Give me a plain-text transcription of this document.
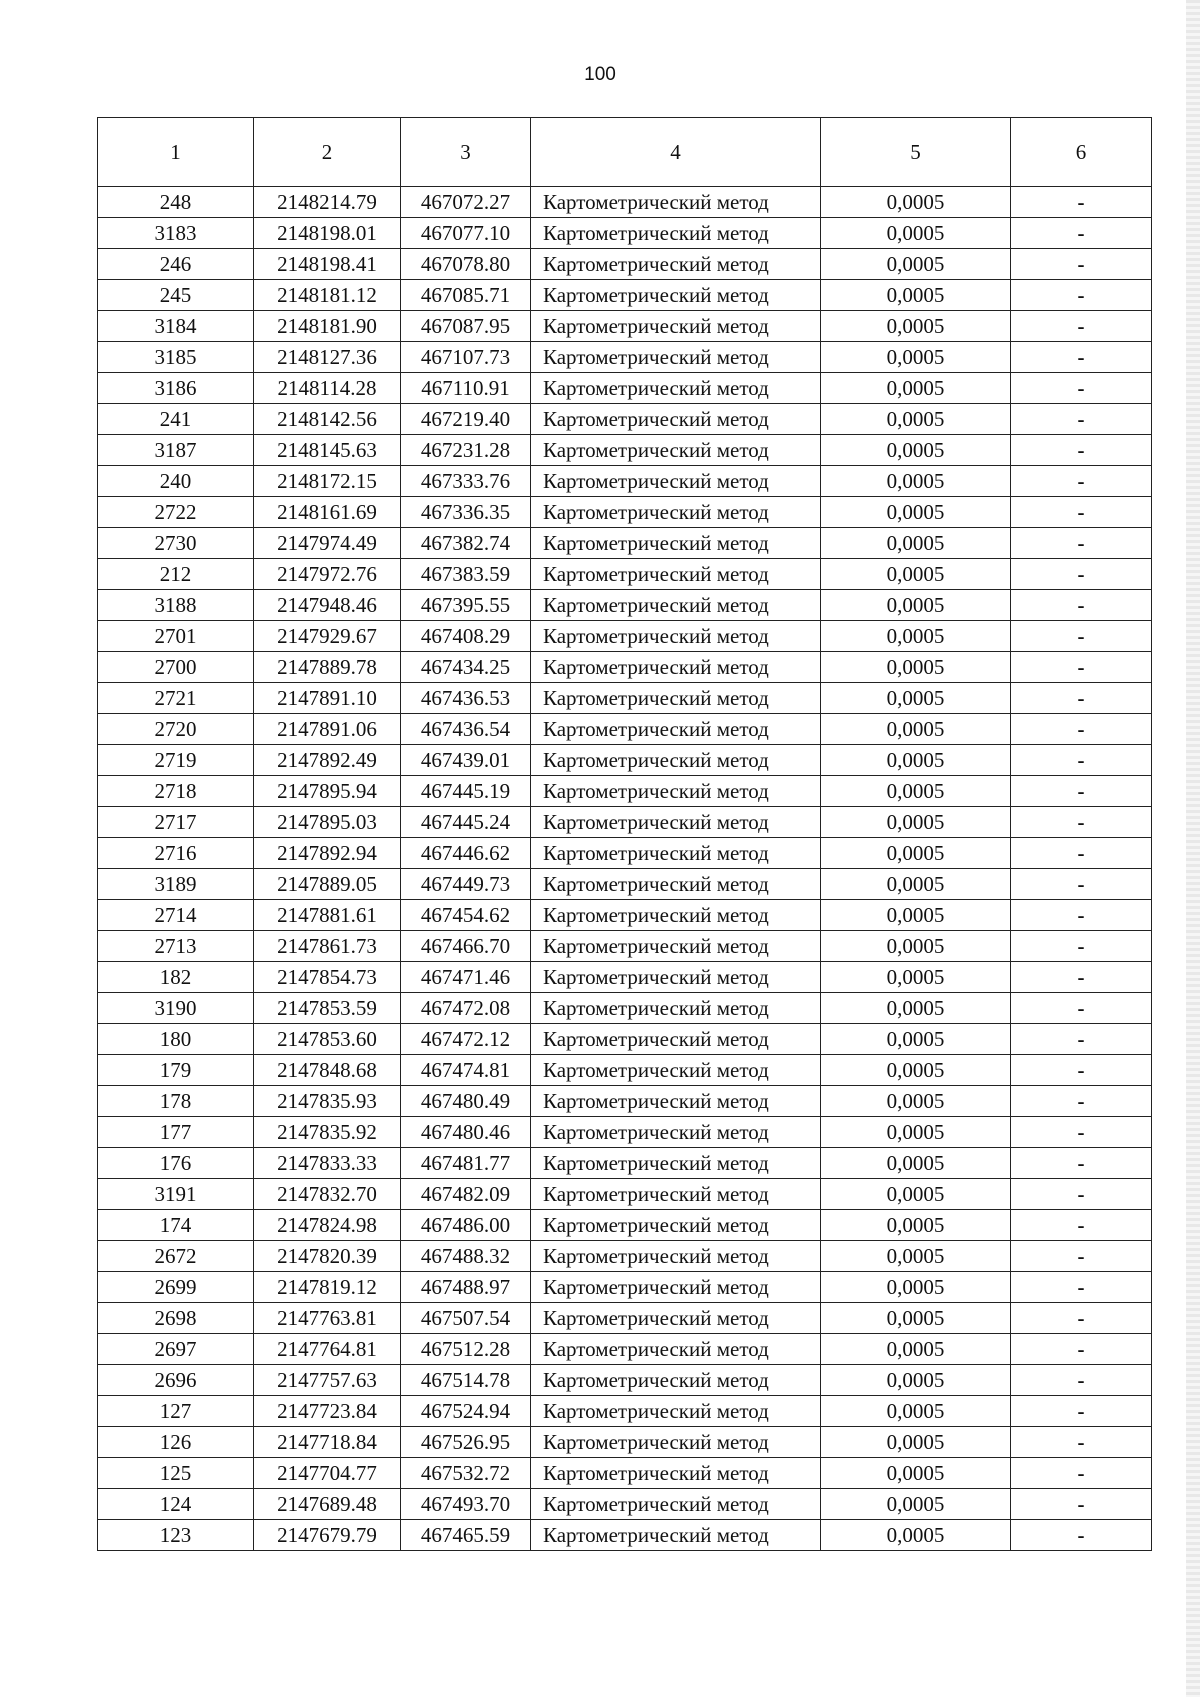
100
1	2	3	4	5	6
248	2148214.79	467072.27	Картометрический метод	0,0005	-
3183	2148198.01	467077.10	Картометрический метод	0,0005	-
246	2148198.41	467078.80	Картометрический метод	0,0005	-
245	2148181.12	467085.71	Картометрический метод	0,0005	-
3184	2148181.90	467087.95	Картометрический метод	0,0005	-
3185	2148127.36	467107.73	Картометрический метод	0,0005	-
3186	2148114.28	467110.91	Картометрический метод	0,0005	-
241	2148142.56	467219.40	Картометрический метод	0,0005	-
3187	2148145.63	467231.28	Картометрический метод	0,0005	-
240	2148172.15	467333.76	Картометрический метод	0,0005	-
2722	2148161.69	467336.35	Картометрический метод	0,0005	-
2730	2147974.49	467382.74	Картометрический метод	0,0005	-
212	2147972.76	467383.59	Картометрический метод	0,0005	-
3188	2147948.46	467395.55	Картометрический метод	0,0005	-
2701	2147929.67	467408.29	Картометрический метод	0,0005	-
2700	2147889.78	467434.25	Картометрический метод	0,0005	-
2721	2147891.10	467436.53	Картометрический метод	0,0005	-
2720	2147891.06	467436.54	Картометрический метод	0,0005	-
2719	2147892.49	467439.01	Картометрический метод	0,0005	-
2718	2147895.94	467445.19	Картометрический метод	0,0005	-
2717	2147895.03	467445.24	Картометрический метод	0,0005	-
2716	2147892.94	467446.62	Картометрический метод	0,0005	-
3189	2147889.05	467449.73	Картометрический метод	0,0005	-
2714	2147881.61	467454.62	Картометрический метод	0,0005	-
2713	2147861.73	467466.70	Картометрический метод	0,0005	-
182	2147854.73	467471.46	Картометрический метод	0,0005	-
3190	2147853.59	467472.08	Картометрический метод	0,0005	-
180	2147853.60	467472.12	Картометрический метод	0,0005	-
179	2147848.68	467474.81	Картометрический метод	0,0005	-
178	2147835.93	467480.49	Картометрический метод	0,0005	-
177	2147835.92	467480.46	Картометрический метод	0,0005	-
176	2147833.33	467481.77	Картометрический метод	0,0005	-
3191	2147832.70	467482.09	Картометрический метод	0,0005	-
174	2147824.98	467486.00	Картометрический метод	0,0005	-
2672	2147820.39	467488.32	Картометрический метод	0,0005	-
2699	2147819.12	467488.97	Картометрический метод	0,0005	-
2698	2147763.81	467507.54	Картометрический метод	0,0005	-
2697	2147764.81	467512.28	Картометрический метод	0,0005	-
2696	2147757.63	467514.78	Картометрический метод	0,0005	-
127	2147723.84	467524.94	Картометрический метод	0,0005	-
126	2147718.84	467526.95	Картометрический метод	0,0005	-
125	2147704.77	467532.72	Картометрический метод	0,0005	-
124	2147689.48	467493.70	Картометрический метод	0,0005	-
123	2147679.79	467465.59	Картометрический метод	0,0005	-
